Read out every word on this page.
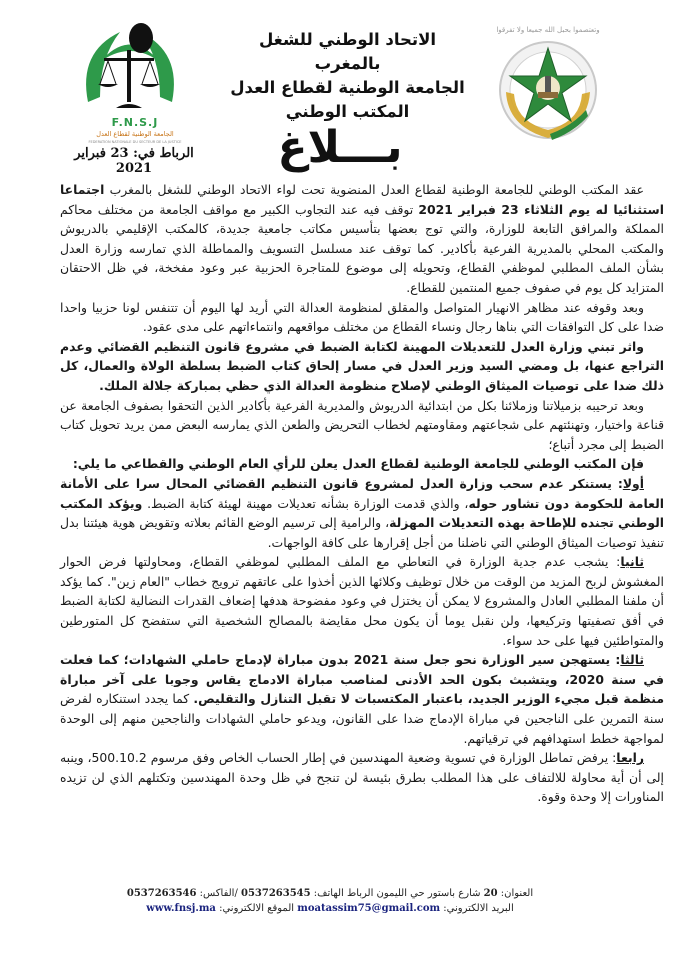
وتعتصموا بحبل الله جميعا ولا تفرقوا
الاتحاد الوطني للشغل بالمغرب
الجامعة الوطنية لقطاع العدل
المكتب الوطني
F.N.S.J
الجامعة الوطنية لقطاع العدل
FEDERATION NATIONALE DU SECTEUR DE LA JUSTICE
الرباط في: 23 فبراير 2021	بـــلاغ

عقد المكتب الوطني للجامعة الوطنية لقطاع العدل المنضوية تحت لواء الاتحاد الوطني للشغل بالمغرب اجتماعا استثنائيا له يوم الثلاثاء 23 فبراير 2021 توقف فيه عند التجاوب الكبير مع مواقف الجامعة من مختلف محاكم المملكة والمرافق التابعة للوزارة، والتي توج بعضها بتأسيس مكاتب جامعية جديدة، كالمكتب الإقليمي بالدريوش والمكتب المحلي بالمديرية الفرعية بأكادير. كما توقف عند مسلسل التسويف والمماطلة الذي تمارسه وزارة العدل بشأن الملف المطلبي لموظفي القطاع، وتحويله إلى موضوع للمتاجرة الحزبية عبر وعود مفخخة، في ظل الاحتقان المتزايد كل يوم في صفوف جميع المنتمين للقطاع.

وبعد وقوفه عند مظاهر الانهيار المتواصل والمقلق لمنظومة العدالة التي أريد لها اليوم أن تتنفس لونا حزبيا واحدا ضدا على كل التوافقات التي بناها رجال ونساء القطاع من مختلف مواقعهم وانتماءاتهم على مدى عقود.

واثر تبني وزارة العدل للتعديلات المهينة لكتابة الضبط في مشروع قانون التنظيم القضائي وعدم التراجع عنها، بل ومضي السيد وزير العدل في مسار إلحاق كتاب الضبط بسلطة الولاة والعمال، كل ذلك ضدا على توصيات الميثاق الوطني لإصلاح منظومة العدالة الذي حظي بمباركة جلالة الملك.

وبعد ترحيبه بزميلاتنا وزملائنا بكل من ابتدائية الدريوش والمديرية الفرعية بأكادير الذين التحقوا بصفوف الجامعة عن قناعة واختيار، وتهنئتهم على شجاعتهم ومقاومتهم لخطاب التحريض والطعن الذي يمارسه البعض ممن يريد تحويل كتاب الضبط إلى مجرد أتباع؛

فإن المكتب الوطني للجامعة الوطنية لقطاع العدل يعلن للرأي العام الوطني والقطاعي ما يلي:

أولا: يستنكر عدم سحب وزارة العدل لمشروع قانون التنظيم القضائي المحال سرا على الأمانة العامة للحكومة دون تشاور حوله، والذي قدمت الوزارة بشأنه تعديلات مهينة لهيئة كتابة الضبط. ويؤكد المكتب الوطني تجنده للإطاحة بهذه التعديلات المهزلة، والرامية إلى ترسيم الوضع القائم بعلاته وتقويض هوية هيئتنا بدل تنفيذ توصيات الميثاق الوطني التي ناضلنا من أجل إقرارها على كافة الواجهات.

ثانيا: يشجب عدم جدية الوزارة في التعاطي مع الملف المطلبي لموظفي القطاع، ومحاولتها فرض الحوار المغشوش لربح المزيد من الوقت من خلال توظيف وكلائها الذين أخذوا على عاتقهم ترويج خطاب "العام زين". كما يؤكد أن ملفنا المطلبي العادل والمشروع لا يمكن أن يختزل في وعود مفضوحة هدفها إضعاف القدرات النضالية لكتابة الضبط في أفق تصفيتها وتركيعها، ولن نقبل يوما أن يكون محل مقايضة بالمصالح الشخصية التي ستفضح كل المتورطين والمتواطئين فيها على حد سواء.

ثالثا: يستهجن سير الوزارة نحو جعل سنة 2021 بدون مباراة لإدماج حاملي الشهادات؛ كما فعلت في سنة 2020، ويتشبث بكون الحد الأدنى لمناصب مباراة الادماج يقاس وجوبا على آخر مباراة منظمة قبل مجيء الوزير الجديد، باعتبار المكتسبات لا تقبل التنازل والتقليص. كما يجدد استنكاره لفرض سنة التمرين على الناجحين في مباراة الإدماج ضدا على القانون، ويدعو حاملي الشهادات والناجحين منهم إلى الوحدة لمواجهة خطط استهدافهم في ترقياتهم.

رابعا: يرفض تماطل الوزارة في تسوية وضعية المهندسين في إطار الحساب الخاص وفق مرسوم 500.10.2، وينبه إلى أن أية محاولة للالتفاف على هذا المطلب بطرق بئيسة لن تنجح في ظل وحدة المهندسين وتكتلهم الذي لن تزيده المناورات إلا وحدة وقوة.

العنوان: 20 شارع باستور حي الليمون الرباط الهاتف: 0537263545 /الفاكس: 0537263546
البريد الالكتروني: moatassim75@gmail.com الموقع الالكتروني: www.fnsj.ma
